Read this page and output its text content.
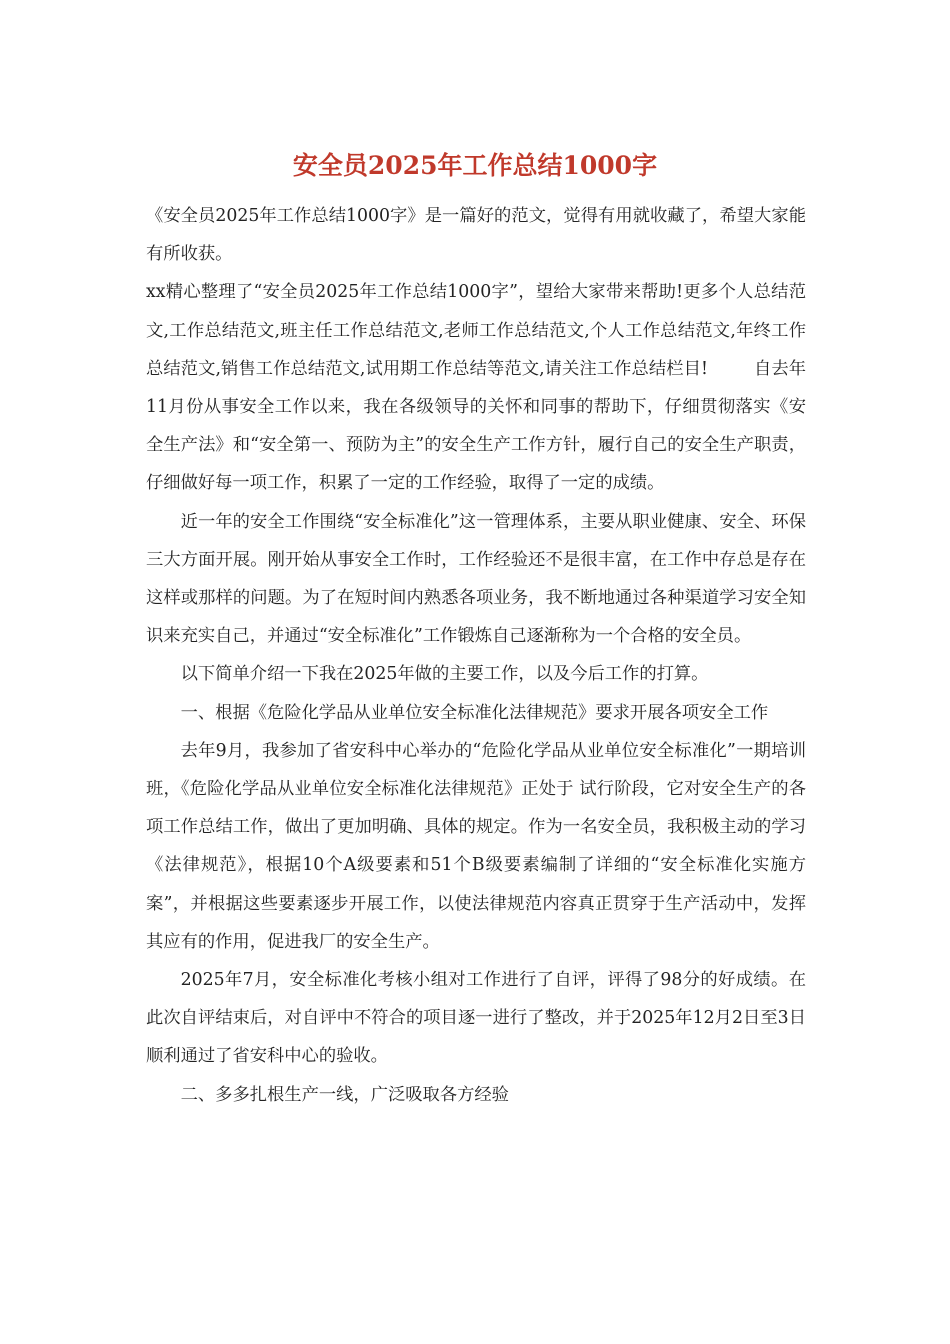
安全员2025年工作总结1000字

《安全员2025年工作总结1000字》是一篇好的范文，觉得有用就收藏了，希望大家能有所收获。

xx精心整理了“安全员2025年工作总结1000字”，望给大家带来帮助!更多个人总结范文,工作总结范文,班主任工作总结范文,老师工作总结范文,个人工作总结范文,年终工作总结范文,销售工作总结范文,试用期工作总结等范文,请关注工作总结栏目!	自去年11月份从事安全工作以来，我在各级领导的关怀和同事的帮助下，仔细贯彻落实《安全生产法》和“安全第一、预防为主”的安全生产工作方针，履行自己的安全生产职责，仔细做好每一项工作，积累了一定的工作经验，取得了一定的成绩。

近一年的安全工作围绕“安全标准化”这一管理体系，主要从职业健康、安全、环保三大方面开展。刚开始从事安全工作时，工作经验还不是很丰富，在工作中存总是存在这样或那样的问题。为了在短时间内熟悉各项业务，我不断地通过各种渠道学习安全知识来充实自己，并通过“安全标准化”工作锻炼自己逐渐称为一个合格的安全员。

以下简单介绍一下我在2025年做的主要工作，以及今后工作的打算。

一、根据《危险化学品从业单位安全标准化法律规范》要求开展各项安全工作

去年9月，我参加了省安科中心举办的“危险化学品从业单位安全标准化”一期培训班，《危险化学品从业单位安全标准化法律规范》正处于 试行阶段，它对安全生产的各项工作总结工作，做出了更加明确、具体的规定。作为一名安全员，我积极主动的学习《法律规范》，根据10个A级要素和51个B级要素编制了详细的“安全标准化实施方案”，并根据这些要素逐步开展工作，以使法律规范内容真正贯穿于生产活动中，发挥其应有的作用，促进我厂的安全生产。

2025年7月，安全标准化考核小组对工作进行了自评，评得了98分的好成绩。在此次自评结束后，对自评中不符合的项目逐一进行了整改，并于2025年12月2日至3日顺利通过了省安科中心的验收。

二、多多扎根生产一线，广泛吸取各方经验
